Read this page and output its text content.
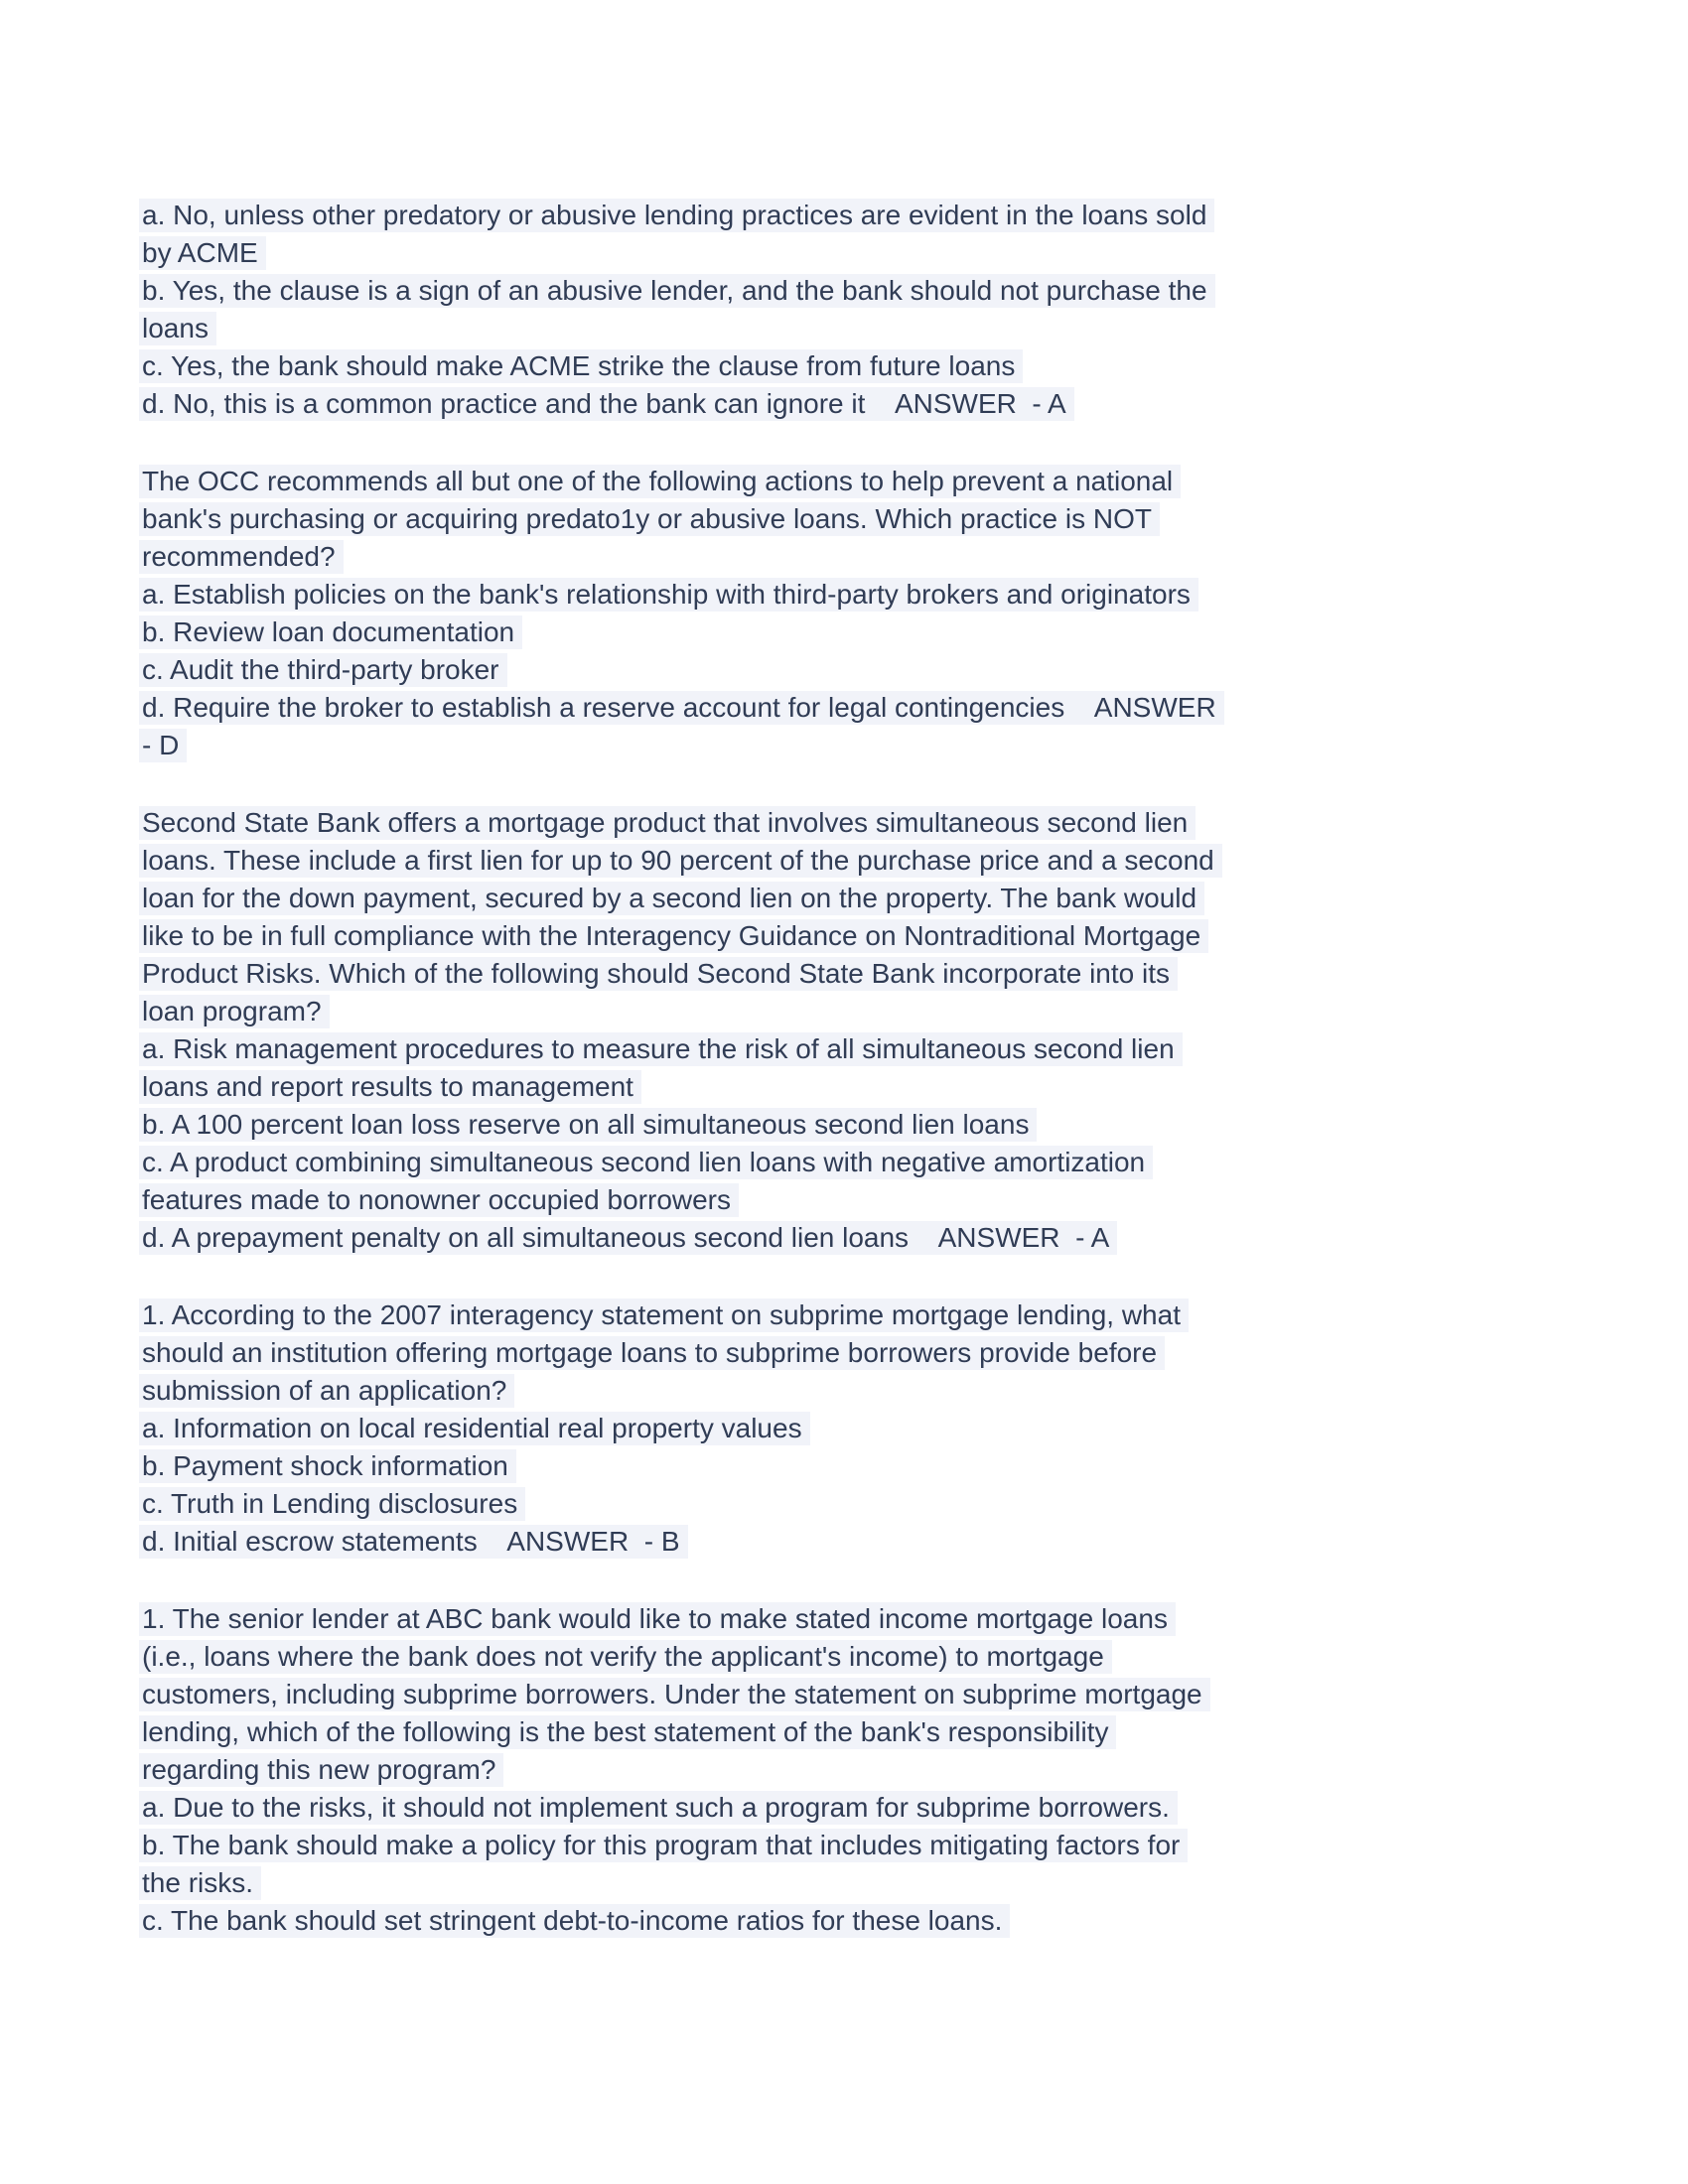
a. No, unless other predatory or abusive lending practices are evident in the loans sold
by ACME
b. Yes, the clause is a sign of an abusive lender, and the bank should not purchase the
loans
c. Yes, the bank should make ACME strike the clause from future loans
d. No, this is a common practice and the bank can ignore it    ANSWER  - A
The OCC recommends all but one of the following actions to help prevent a national
bank's purchasing or acquiring predato1y or abusive loans. Which practice is NOT
recommended?
a. Establish policies on the bank's relationship with third-party brokers and originators
b. Review loan documentation
c. Audit the third-party broker
d. Require the broker to establish a reserve account for legal contingencies    ANSWER
- D
Second State Bank offers a mortgage product that involves simultaneous second lien
loans. These include a first lien for up to 90 percent of the purchase price and a second
loan for the down payment, secured by a second lien on the property. The bank would
like to be in full compliance with the Interagency Guidance on Nontraditional Mortgage
Product Risks. Which of the following should Second State Bank incorporate into its
loan program?
a. Risk management procedures to measure the risk of all simultaneous second lien
loans and report results to management
b. A 100 percent loan loss reserve on all simultaneous second lien loans
c. A product combining simultaneous second lien loans with negative amortization
features made to nonowner occupied borrowers
d. A prepayment penalty on all simultaneous second lien loans    ANSWER  - A
1. According to the 2007 interagency statement on subprime mortgage lending, what
should an institution offering mortgage loans to subprime borrowers provide before
submission of an application?
a. Information on local residential real property values
b. Payment shock information
c. Truth in Lending disclosures
d. Initial escrow statements    ANSWER  - B
1. The senior lender at ABC bank would like to make stated income mortgage loans
(i.e., loans where the bank does not verify the applicant's income) to mortgage
customers, including subprime borrowers. Under the statement on subprime mortgage
lending, which of the following is the best statement of the bank's responsibility
regarding this new program?
a. Due to the risks, it should not implement such a program for subprime borrowers.
b. The bank should make a policy for this program that includes mitigating factors for
the risks.
c. The bank should set stringent debt-to-income ratios for these loans.
